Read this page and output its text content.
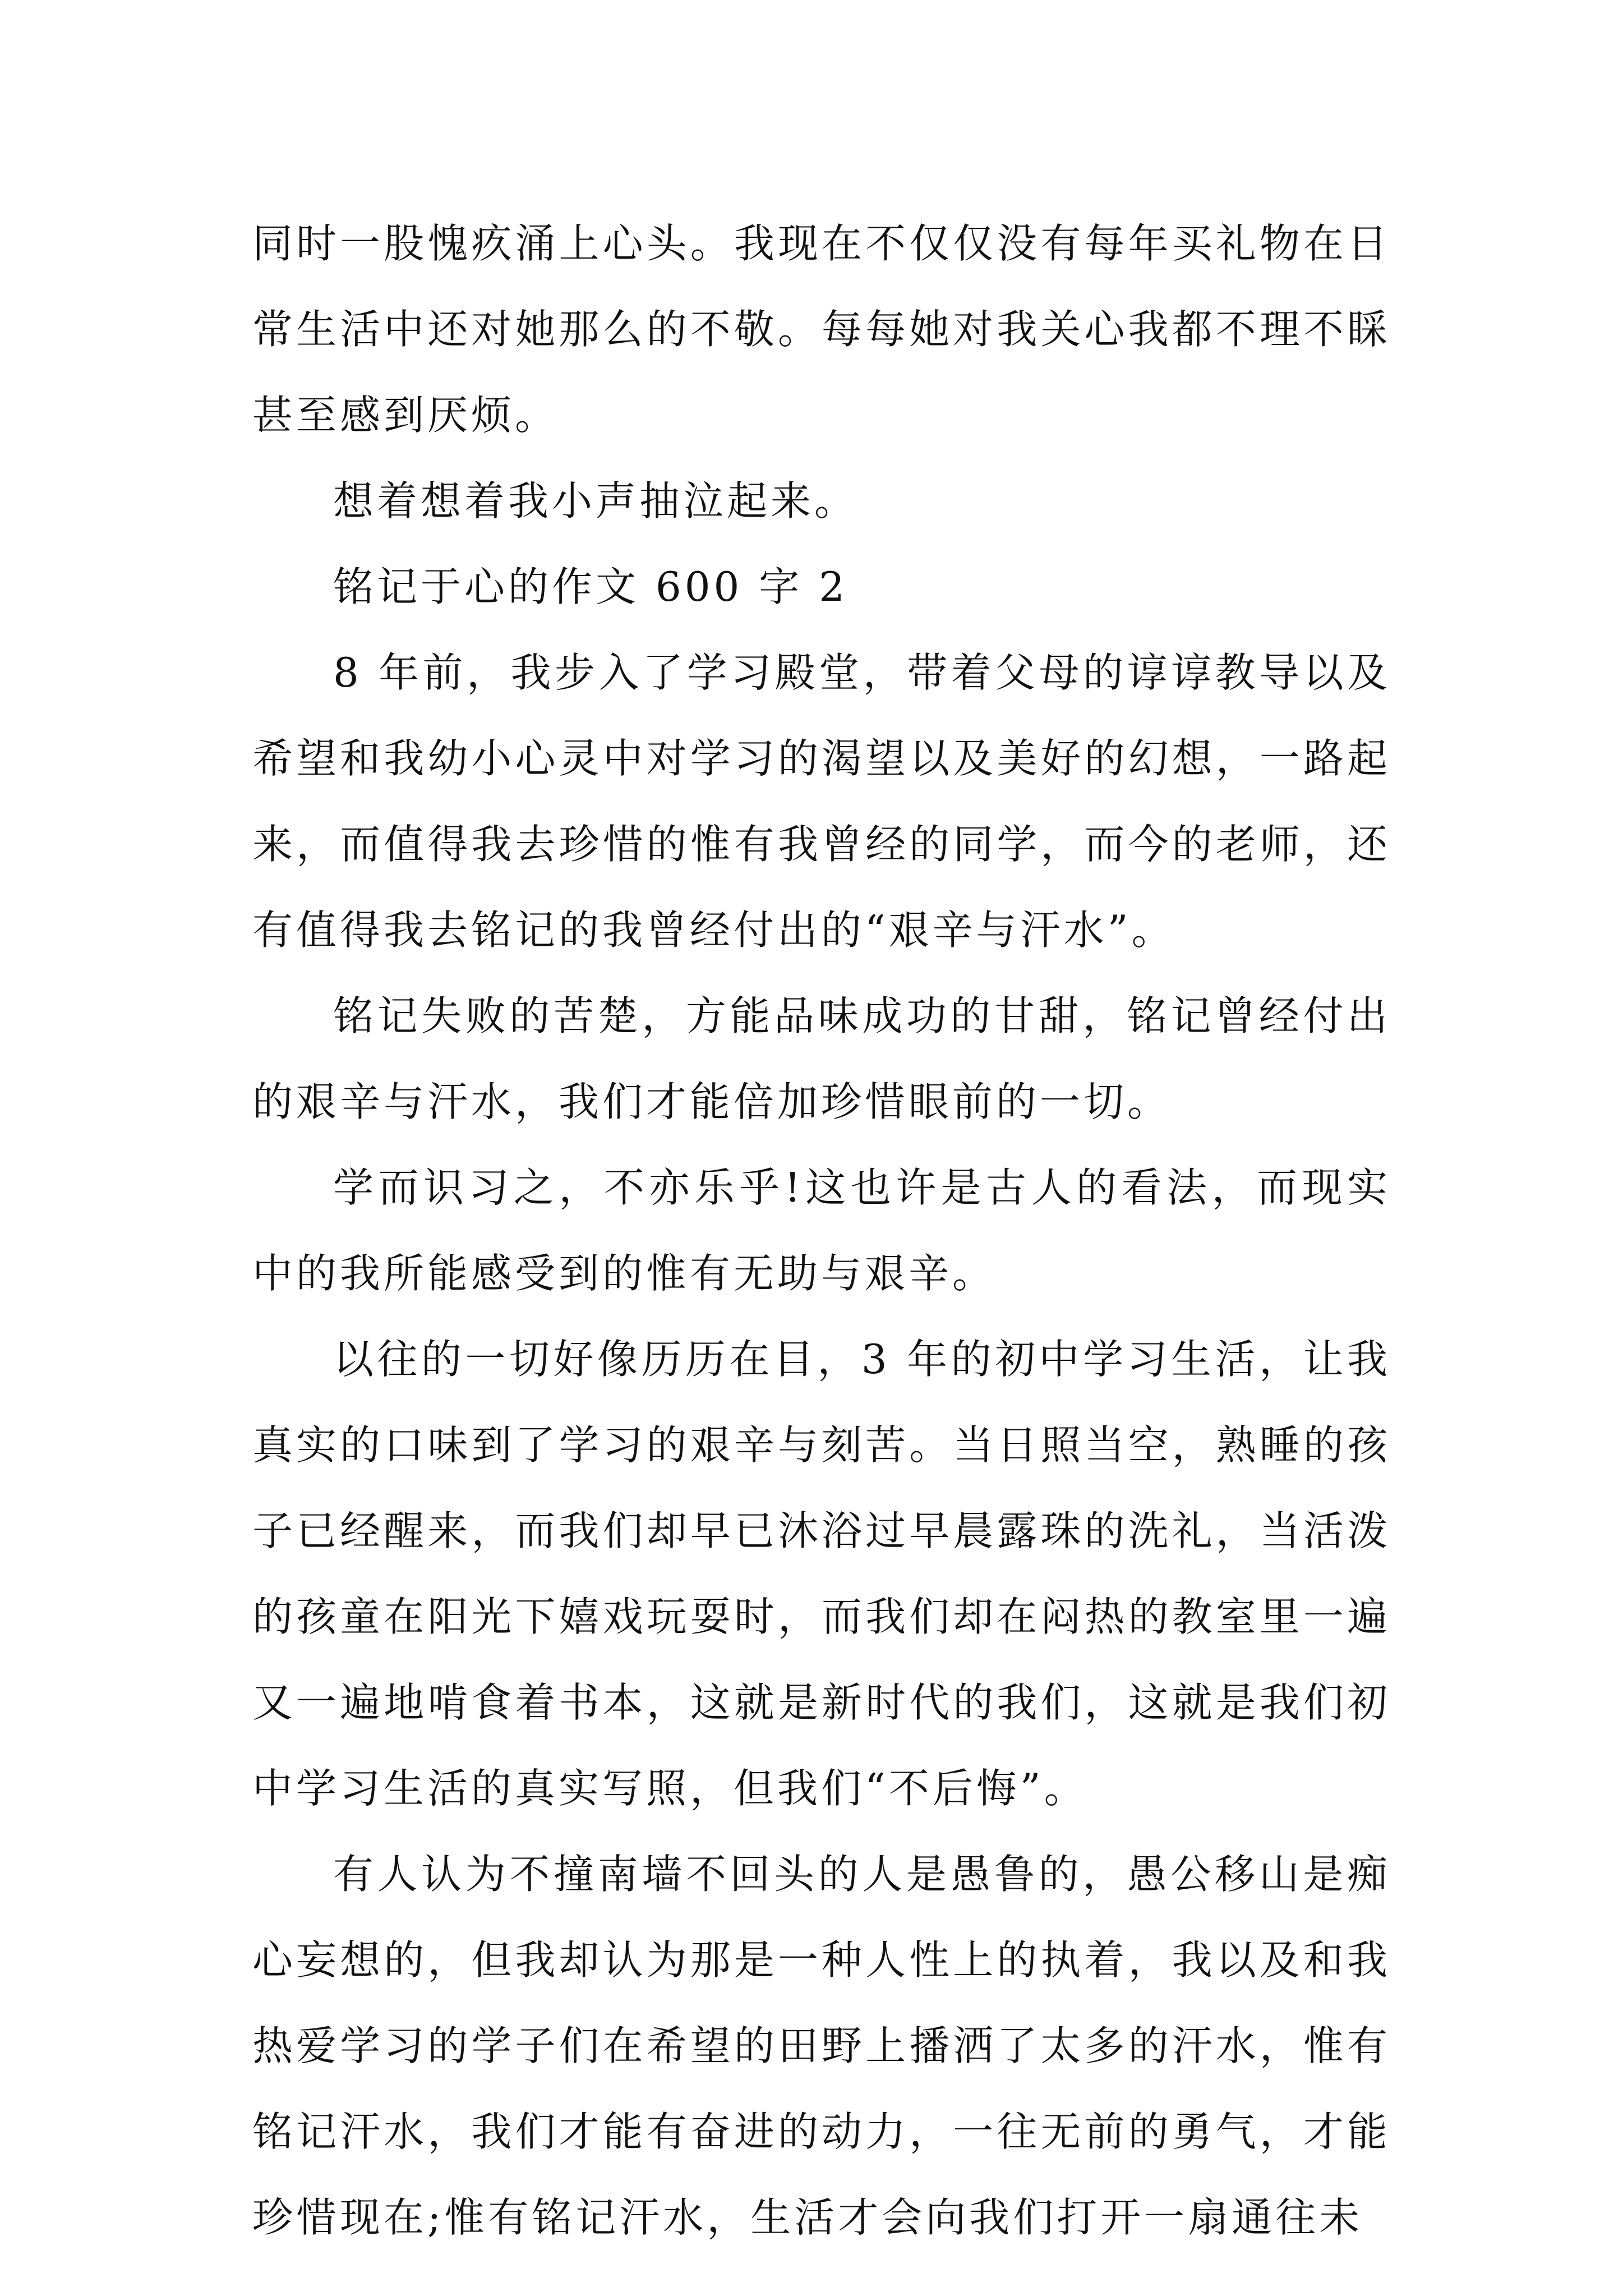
同时一股愧疚涌上心头。我现在不仅仅没有每年买礼物在日常生活中还对她那么的不敬。每每她对我关心我都不理不睬甚至感到厌烦。

想着想着我小声抽泣起来。

铭记于心的作文 600 字 2

8 年前，我步入了学习殿堂，带着父母的谆谆教导以及希望和我幼小心灵中对学习的渴望以及美好的幻想，一路起来，而值得我去珍惜的惟有我曾经的同学，而今的老师，还有值得我去铭记的我曾经付出的“艰辛与汗水”。

铭记失败的苦楚，方能品味成功的甘甜，铭记曾经付出的艰辛与汗水，我们才能倍加珍惜眼前的一切。

学而识习之，不亦乐乎!这也许是古人的看法，而现实中的我所能感受到的惟有无助与艰辛。

以往的一切好像历历在目，3 年的初中学习生活，让我真实的口味到了学习的艰辛与刻苦。当日照当空，熟睡的孩子已经醒来，而我们却早已沐浴过早晨露珠的洗礼，当活泼的孩童在阳光下嬉戏玩耍时，而我们却在闷热的教室里一遍又一遍地啃食着书本，这就是新时代的我们，这就是我们初中学习生活的真实写照，但我们“不后悔”。

有人认为不撞南墙不回头的人是愚鲁的，愚公移山是痴心妄想的，但我却认为那是一种人性上的执着，我以及和我热爱学习的学子们在希望的田野上播洒了太多的汗水，惟有铭记汗水，我们才能有奋进的动力，一往无前的勇气，才能珍惜现在;惟有铭记汗水，生活才会向我们打开一扇通往未
